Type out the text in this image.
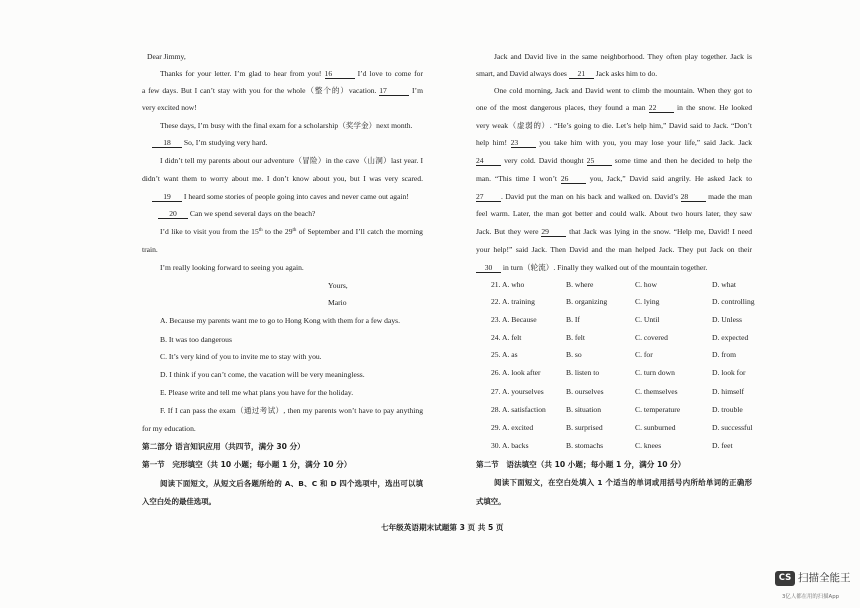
Dear Jimmy,
Thanks for your letter. I’m glad to hear from you! 16	I’d love to come for
a few days. But I can’t stay with you for the whole（整个的）vacation. 17	I’m
very excited now!
These days, I’m busy with the final exam for a scholarship（奖学金）next month.
18 So, I’m studying very hard.
I didn’t tell my parents about our adventure（冒险）in the cave（山洞）last year. I
didn’t want them to worry about me. I don’t know about you, but I was very scared.
19 I heard some stories of people going into caves and never came out again!
20 Can we spend several days on the beach?
I’d like to visit you from the 15th to the 29th of September and I’ll catch the morning
train.
I’m really looking forward to seeing you again.
Yours,
Mario
A. Because my parents want me to go to Hong Kong with them for a few days.
B. It was too dangerous
C. It’s very kind of you to invite me to stay with you.
D. I think if you can’t come, the vacation will be very meaningless.
E. Please write and tell me what plans you have for the holiday.
F. If I can pass the exam（通过考试）, then my parents won’t have to pay anything
for my education.
第二部分 语言知识应用（共四节，满分 30 分）
第一节　完形填空（共 10 小题；每小题 1 分，满分 10 分）
阅读下面短文，从短文后各题所给的 A、B、C 和 D 四个选项中，选出可以填
入空白处的最佳选项。
Jack and David live in the same neighborhood. They often play together. Jack is
smart, and David always does 21 Jack asks him to do.
One cold morning, Jack and David went to climb the mountain. When they got to
one of the most dangerous places, they found a man 22	in the snow. He looked
very weak（虚弱的）. “He’s going to die. Let’s help him,” David said to Jack. “Don’t
help him! 23	you take him with you, you may lose your life,” said Jack. Jack
24	very cold. David thought 25	some time and then he decided to help the
man. “This time I won’t 26	you, Jack,” David said angrily. He asked Jack to
27 . David put the man on his back and walked on. David’s 28	made the man
feel warm. Later, the man got better and could walk. About two hours later, they saw
Jack. But they were 29	that Jack was lying in the snow. “Help me, David! I need
your help!” said Jack. Then David and the man helped Jack. They put Jack on their
30 in turn（轮流）. Finally they walked out of the mountain together.
21. A. who	B. where	C. how	D. what
22. A. training	B. organizing	C. lying	D. controlling
23. A. Because	B. If	C. Until	D. Unless
24. A. felt	B. felt	C. covered	D. expected
25. A. as	B. so	C. for	D. from
26. A. look after	B. listen to	C. turn down	D. look for
27. A. yourselves	B. ourselves	C. themselves	D. himself
28. A. satisfaction	B. situation	C. temperature	D. trouble
29. A. excited	B. surprised	C. sunburned	D. successful
30. A. backs	B. stomachs	C. knees	D. feet
第二节　语法填空（共 10 小题；每小题 1 分，满分 10 分）
阅读下面短文，在空白处填入 1 个适当的单词或用括号内所给单词的正确形
式填空。
七年级英语期末试题第 3 页 共 5 页
CS 扫描全能王
3亿人都在用的扫描App
